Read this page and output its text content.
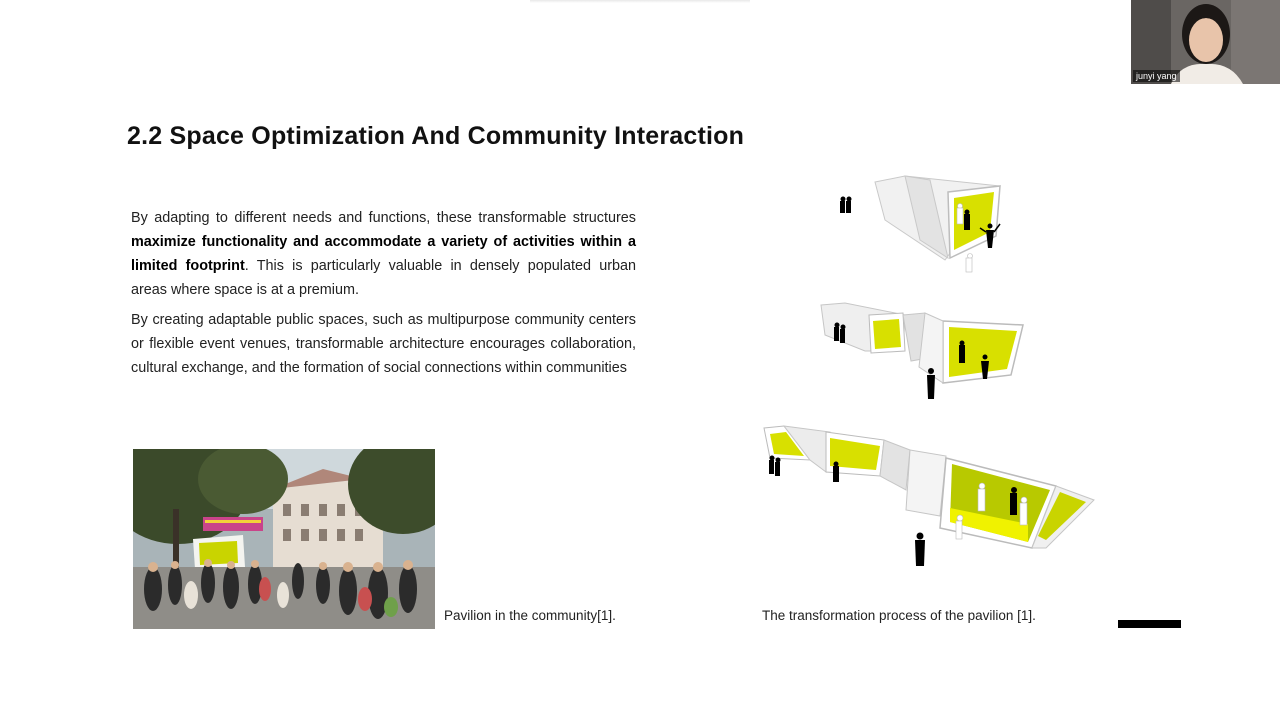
2.2 Space Optimization And Community Interaction

By adapting to different needs and functions, these transformable structures maximize functionality and accommodate a variety of activities within a limited footprint. This is particularly valuable in densely populated urban areas where space is at a premium.

By creating adaptable public spaces, such as multipurpose community centers or flexible event venues, transformable architecture encourages collaboration, cultural exchange, and the formation of social connections within communities

Pavilion in the community[1].	The transformation process of the pavilion [1].
junyi yang
